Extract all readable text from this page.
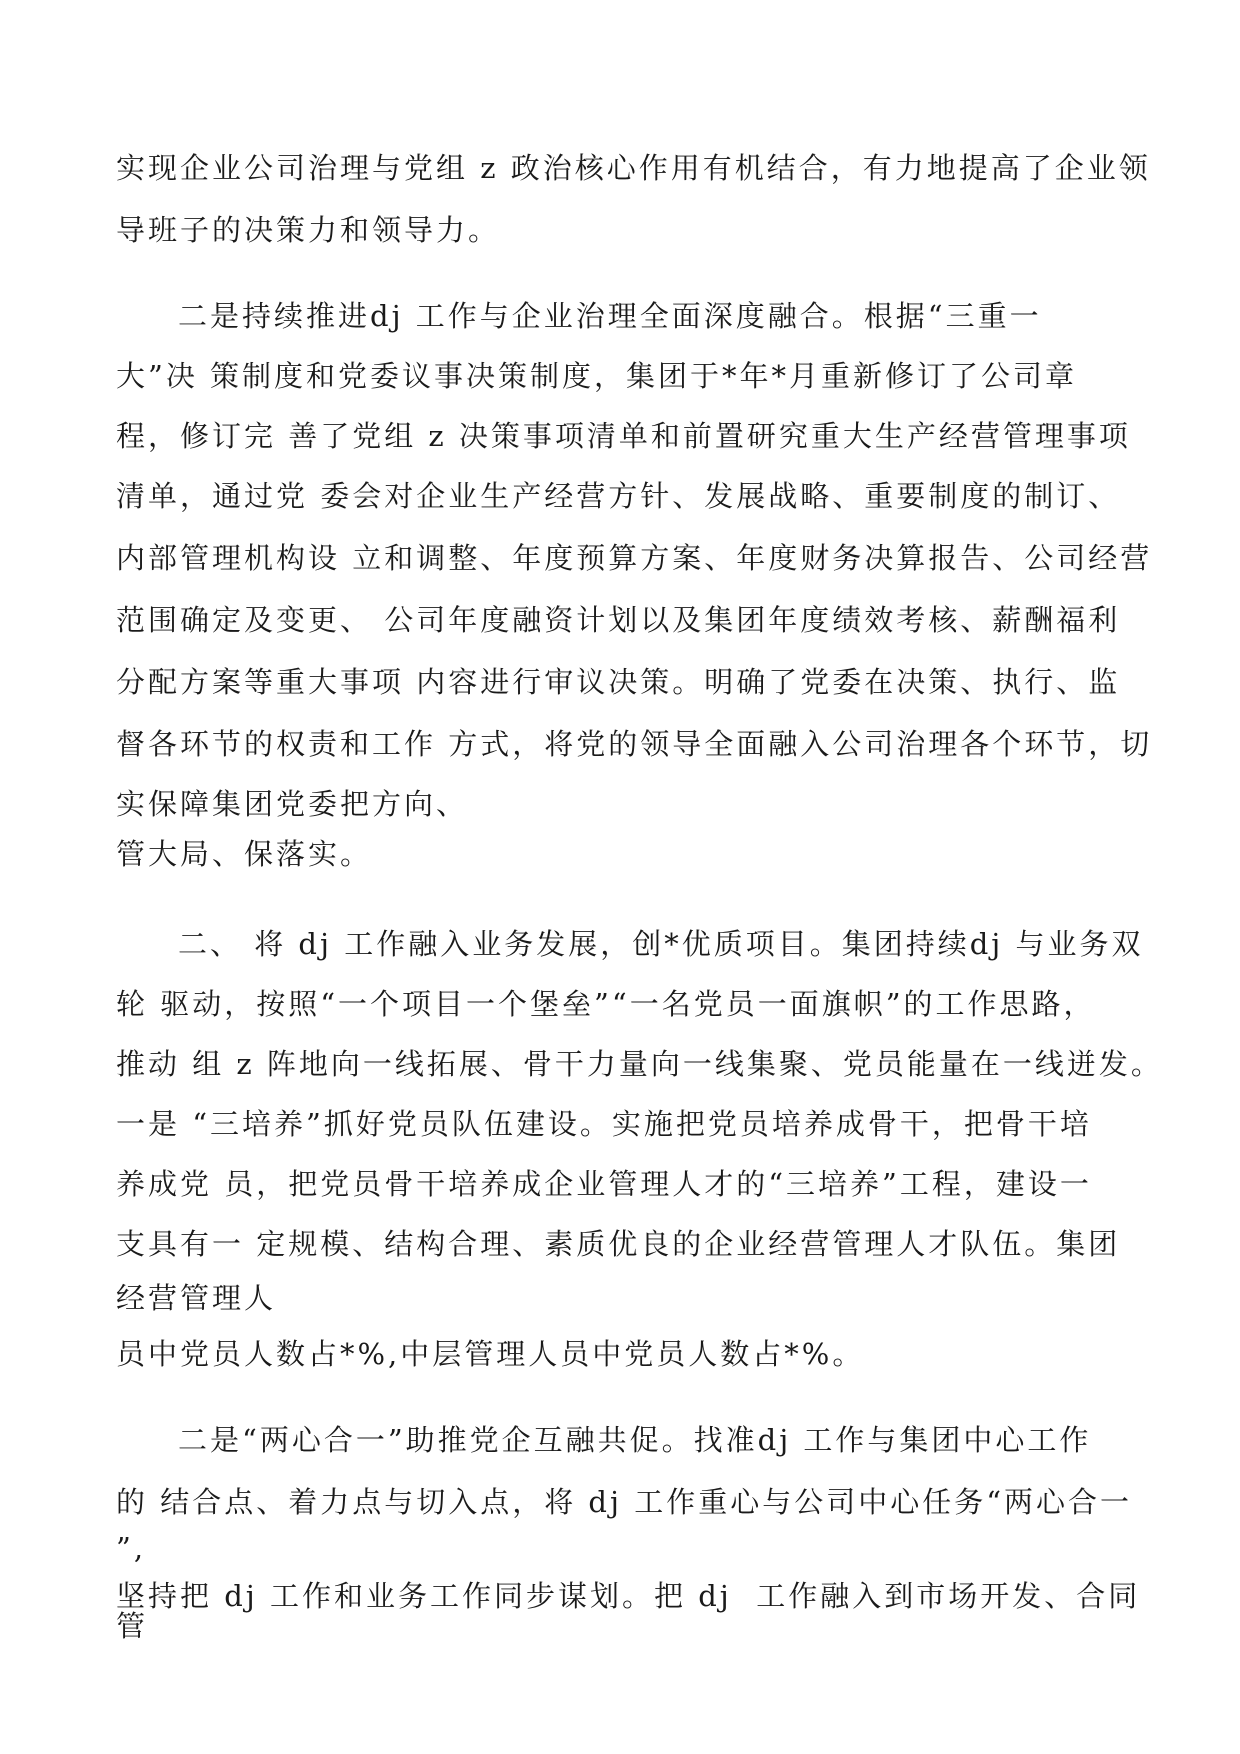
实现企业公司治理与党组 z 政治核心作用有机结合，有力地提高了企业领

导班子的决策力和领导力。

二是持续推进dj 工作与企业治理全面深度融合。根据“三重一

大”决 策制度和党委议事决策制度，集团于*年*月重新修订了公司章

程，修订完 善了党组 z 决策事项清单和前置研究重大生产经营管理事项

清单，通过党 委会对企业生产经营方针、发展战略、重要制度的制订、

内部管理机构设 立和调整、年度预算方案、年度财务决算报告、公司经营

范围确定及变更、 公司年度融资计划以及集团年度绩效考核、薪酬福利

分配方案等重大事项 内容进行审议决策。明确了党委在决策、执行、监

督各环节的权责和工作 方式，将党的领导全面融入公司治理各个环节，切

实保障集团党委把方向、

管大局、保落实。

二、 将 dj 工作融入业务发展，创*优质项目。集团持续dj 与业务双

轮 驱动，按照“一个项目一个堡垒”“一名党员一面旗帜”的工作思路，

推动 组 z 阵地向一线拓展、骨干力量向一线集聚、党员能量在一线迸发。

一是 “三培养”抓好党员队伍建设。实施把党员培养成骨干，把骨干培

养成党 员，把党员骨干培养成企业管理人才的“三培养”工程，建设一

支具有一 定规模、结构合理、素质优良的企业经营管理人才队伍。集团

经营管理人

员中党员人数占*%,中层管理人员中党员人数占*%。

二是“两心合一”助推党企互融共促。找准dj 工作与集团中心工作

的 结合点、着力点与切入点，将 dj 工作重心与公司中心任务“两心合一

”,

坚持把 dj 工作和业务工作同步谋划。把 dj  工作融入到市场开发、合同

管
